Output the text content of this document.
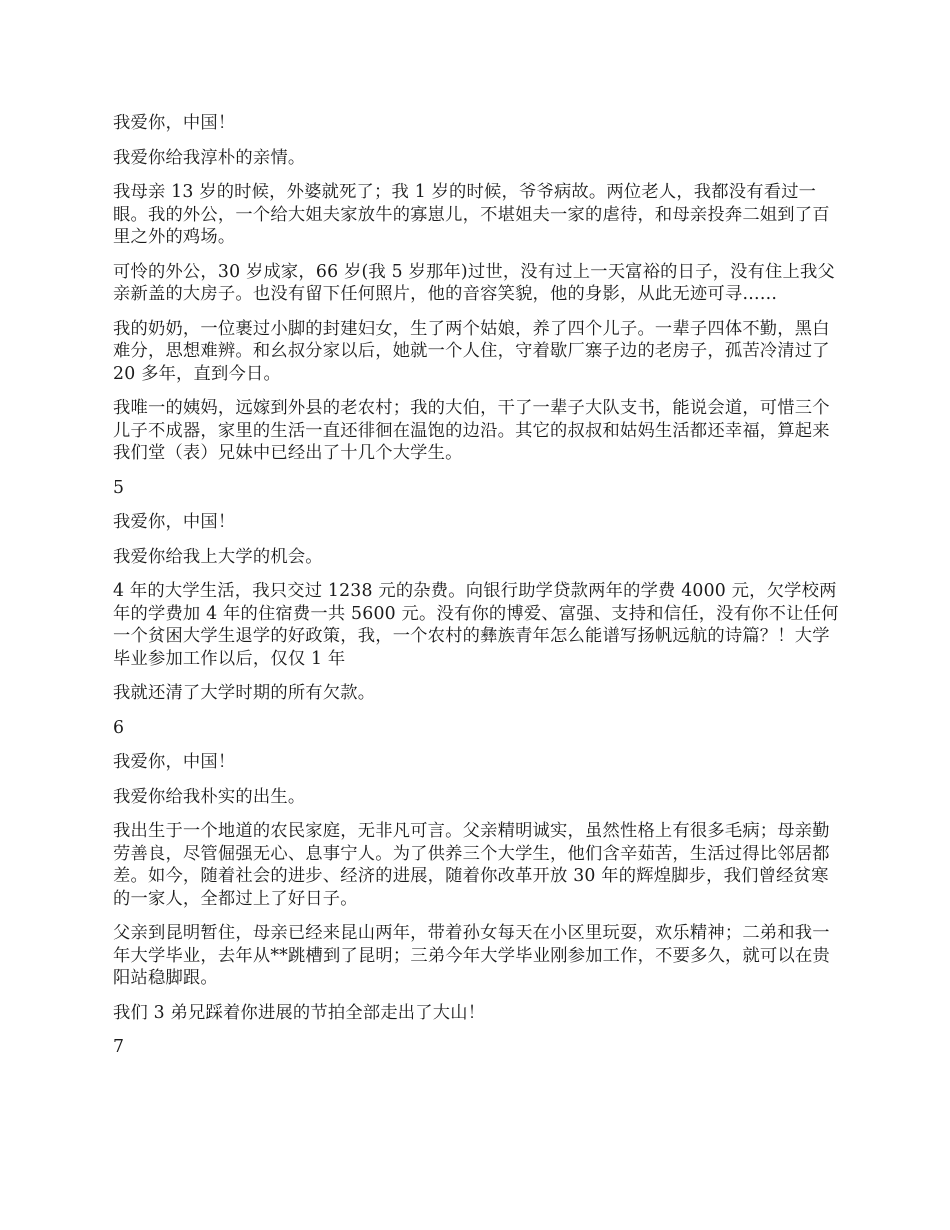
我爱你，中国！

我爱你给我淳朴的亲情。

我母亲 13 岁的时候，外婆就死了；我 1 岁的时候，爷爷病故。两位老人，我都没有看过一眼。我的外公，一个给大姐夫家放牛的寡崽儿，不堪姐夫一家的虐待，和母亲投奔二姐到了百里之外的鸡场。

可怜的外公，30 岁成家，66 岁(我 5 岁那年)过世，没有过上一天富裕的日子，没有住上我父亲新盖的大房子。也没有留下任何照片，他的音容笑貌，他的身影，从此无迹可寻……

我的奶奶，一位裹过小脚的封建妇女，生了两个姑娘，养了四个儿子。一辈子四体不勤，黑白难分，思想难辨。和幺叔分家以后，她就一个人住，守着歇厂寨子边的老房子，孤苦冷清过了 20 多年，直到今日。

我唯一的姨妈，远嫁到外县的老农村；我的大伯，干了一辈子大队支书，能说会道，可惜三个儿子不成器，家里的生活一直还徘徊在温饱的边沿。其它的叔叔和姑妈生活都还幸福，算起来我们堂（表）兄妹中已经出了十几个大学生。

5

我爱你，中国！

我爱你给我上大学的机会。

4 年的大学生活，我只交过 1238 元的杂费。向银行助学贷款两年的学费 4000 元，欠学校两年的学费加 4 年的住宿费一共 5600 元。没有你的博爱、富强、支持和信任，没有你不让任何一个贫困大学生退学的好政策，我，一个农村的彝族青年怎么能谱写扬帆远航的诗篇？！大学毕业参加工作以后，仅仅 1 年

我就还清了大学时期的所有欠款。

6

我爱你，中国！

我爱你给我朴实的出生。

我出生于一个地道的农民家庭，无非凡可言。父亲精明诚实，虽然性格上有很多毛病；母亲勤劳善良，尽管倔强无心、息事宁人。为了供养三个大学生，他们含辛茹苦，生活过得比邻居都差。如今，随着社会的进步、经济的进展，随着你改革开放 30 年的辉煌脚步，我们曾经贫寒的一家人，全都过上了好日子。

父亲到昆明暂住，母亲已经来昆山两年，带着孙女每天在小区里玩耍，欢乐精神；二弟和我一年大学毕业，去年从**跳槽到了昆明；三弟今年大学毕业刚参加工作，不要多久，就可以在贵阳站稳脚跟。

我们 3 弟兄踩着你进展的节拍全部走出了大山！

7
